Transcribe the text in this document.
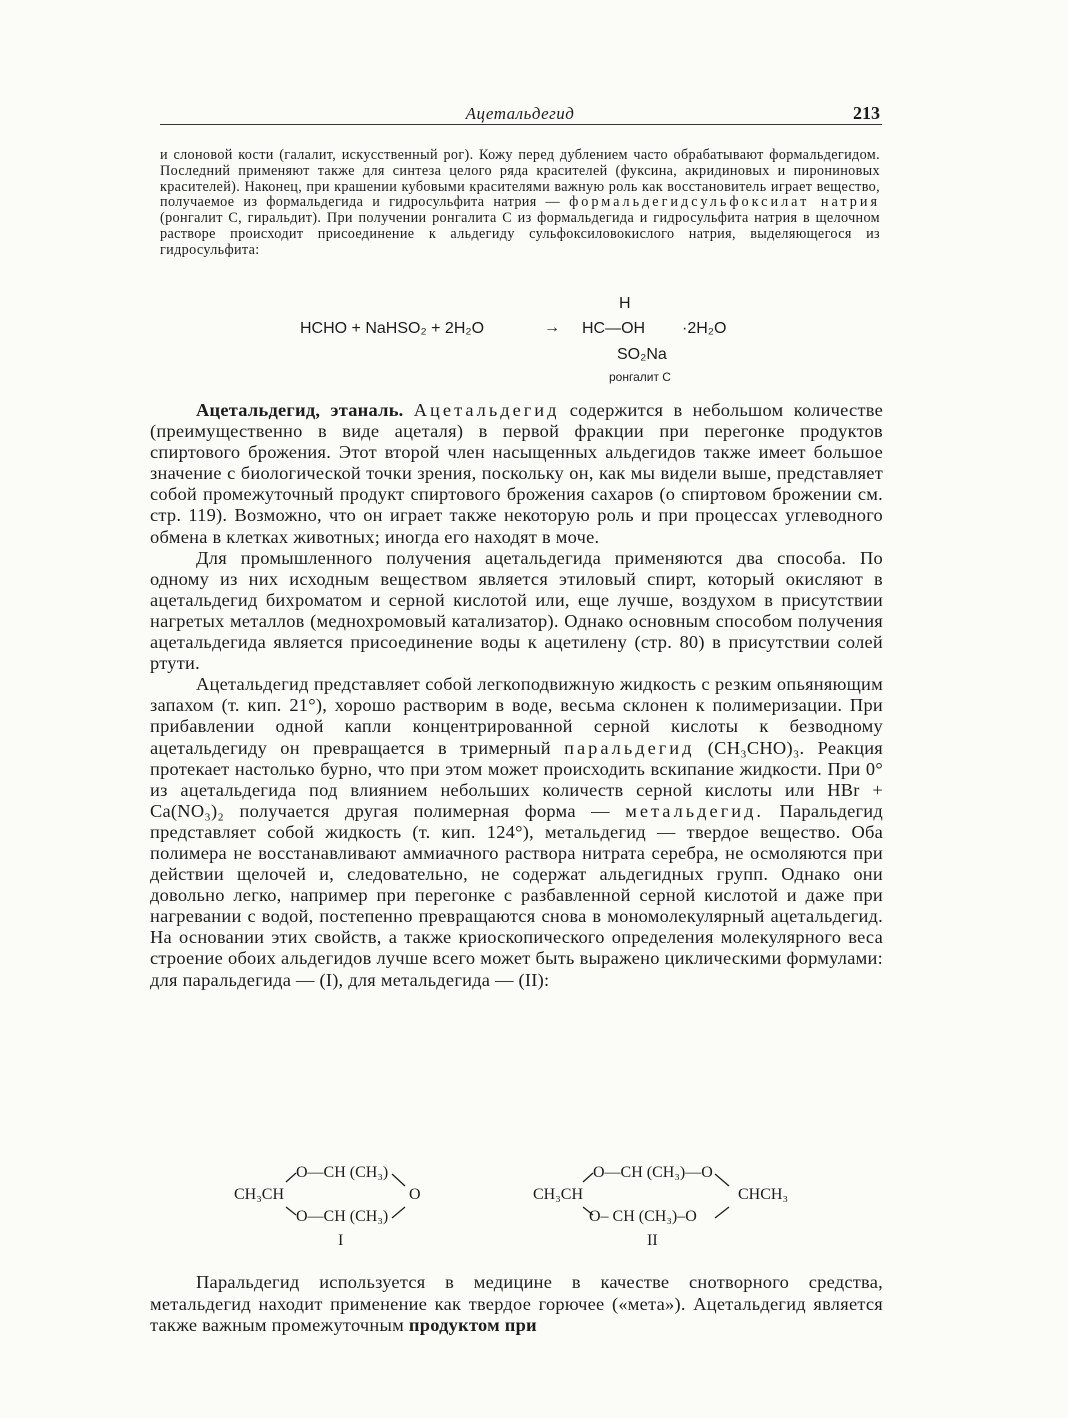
Ацетальдегид	213

и слоновой кости (галалит, искусственный рог). Кожу перед дублением часто обрабатывают формальдегидом. Последний применяют также для синтеза целого ряда красителей (фуксина, акридиновых и пирониновых красителей). Наконец, при крашении кубовыми красителями важную роль как восстановитель играет вещество, получаемое из формальдегида и гидросульфита натрия — формальдегидсульфоксилат натрия (ронгалит С, гиральдит). При получении ронгалита С из формальдегида и гидросульфита натрия в щелочном растворе происходит присоединение к альдегиду сульфоксиловокислого натрия, выделяющегося из гидросульфита:

HCHO + NaHSO₂ + 2H₂O	→
H
HC—OH ·2H₂O
SO₂Na
ронгалит С

Ацетальдегид, этаналь. Ацетальдегид содержится в небольшом количестве (преимущественно в виде ацеталя) в первой фракции при перегонке продуктов спиртового брожения. Этот второй член насыщенных альдегидов также имеет большое значение с биологической точки зрения, поскольку он, как мы видели выше, представляет собой промежуточный продукт спиртового брожения сахаров (о спиртовом брожении см. стр. 119). Возможно, что он играет также некоторую роль и при процессах углеводного обмена в клетках животных; иногда его находят в моче.

Для промышленного получения ацетальдегида применяются два способа. По одному из них исходным веществом является этиловый спирт, который окисляют в ацетальдегид бихроматом и серной кислотой или, еще лучше, воздухом в присутствии нагретых металлов (меднохромовый катализатор). Однако основным способом получения ацетальдегида является присоединение воды к ацетилену (стр. 80) в присутствии солей ртути.

Ацетальдегид представляет собой легкоподвижную жидкость с резким опьяняющим запахом (т. кип. 21°), хорошо растворим в воде, весьма склонен к полимеризации. При прибавлении одной капли концентрированной серной кислоты к безводному ацетальдегиду он превращается в тримерный паральдегид (CH₃CHO)₃. Реакция протекает настолько бурно, что при этом может происходить вскипание жидкости. При 0° из ацетальдегида под влиянием небольших количеств серной кислоты или HBr + Ca(NO₃)₂ получается другая полимерная форма — метальдегид. Паральдегид представляет собой жидкость (т. кип. 124°), метальдегид — твердое вещество. Оба полимера не восстанавливают аммиачного раствора нитрата серебра, не осмоляются при действии щелочей и, следовательно, не содержат альдегидных групп. Однако они довольно легко, например при перегонке с разбавленной серной кислотой и даже при нагревании с водой, постепенно превращаются снова в мономолекулярный ацетальдегид. На основании этих свойств, а также криоскопического определения молекулярного веса строение обоих альдегидов лучше всего может быть выражено циклическими формулами: для паральдегида — (I), для метальдегида — (II):

O—CH (CH₃)
CH₃CH	O
O—CH (CH₃)
I
O—CH (CH₃)—O
CH₃CH	CHCH₃
O– CH (CH₃)–O
II

Паральдегид используется в медицине в качестве снотворного средства, метальдегид находит применение как твердое горючее («мета»). Ацетальдегид является также важным промежуточным продуктом при
